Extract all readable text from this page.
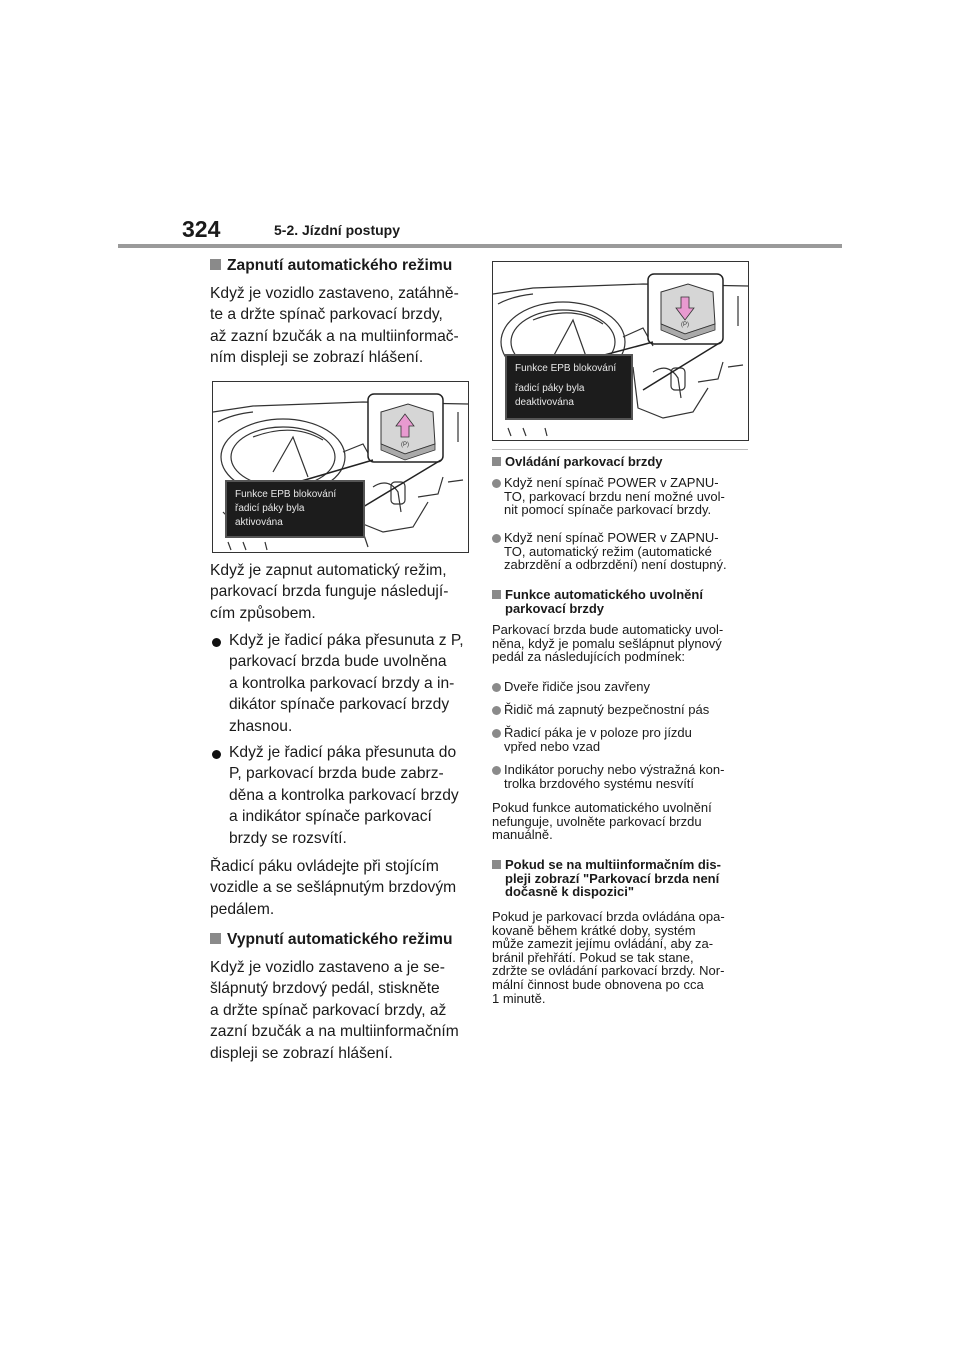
324	5-2. Jízdní postupy
Zapnutí automatického režimu

Když je vozidlo zastaveno, zatáhně-

te a držte spínač parkovací brzdy,

až zazní bzučák a na multiinformač-

ním displeji se zobrazí hlášení.

(P)
Funkce EPB blokování
řadicí páky byla aktivována

Když je zapnut automatický režim,

parkovací brzda funguje následují-

cím způsobem.

Když je řadicí páka přesunuta z P,
parkovací brzda bude uvolněna
a kontrolka parkovací brzdy a in-
dikátor spínače parkovací brzdy
zhasnou.
Když je řadicí páka přesunuta do
P, parkovací brzda bude zabrz-
děna a kontrolka parkovací brzdy
a indikátor spínače parkovací
brzdy se rozsvítí.

Řadicí páku ovládejte při stojícím

vozidle a se sešlápnutým brzdovým

pedálem.

Vypnutí automatického režimu

Když je vozidlo zastaveno a je se-

šlápnutý brzdový pedál, stiskněte

a držte spínač parkovací brzdy, až

zazní bzučák a na multiinformačním

displeji se zobrazí hlášení.

(P)
Funkce EPB blokování
řadicí páky byla deaktivována
Ovládání parkovací brzdy
Když není spínač POWER v ZAPNU-
TO, parkovací brzdu není možné uvol-
nit pomocí spínače parkovací brzdy.
Když není spínač POWER v ZAPNU-
TO, automatický režim (automatické
zabrzdění a odbrzdění) není dostupný.
Funkce automatického uvolnění
parkovací brzdy
Parkovací brzda bude automaticky uvol-
něna, když je pomalu sešlápnut plynový
pedál za následujících podmínek:
Dveře řidiče jsou zavřeny
Řidič má zapnutý bezpečnostní pás
Řadicí páka je v poloze pro jízdu
vpřed nebo vzad
Indikátor poruchy nebo výstražná kon-
trolka brzdového systému nesvítí
Pokud funkce automatického uvolnění
nefunguje, uvolněte parkovací brzdu
manuálně.
Pokud se na multiinformačním dis-
pleji zobrazí "Parkovací brzda není
dočasně k dispozici"
Pokud je parkovací brzda ovládána opa-
kovaně během krátké doby, systém
může zamezit jejímu ovládání, aby za-
bránil přehřátí. Pokud se tak stane,
zdržte se ovládání parkovací brzdy. Nor-
mální činnost bude obnovena po cca
1 minutě.
